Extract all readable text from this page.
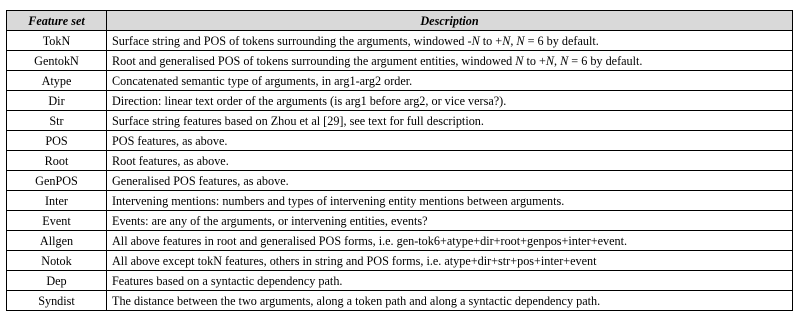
Feature set	Description
TokN	Surface string and POS of tokens surrounding the arguments, windowed -N to +N, N = 6 by default.
GentokN	Root and generalised POS of tokens surrounding the argument entities, windowed N to +N, N = 6 by default.
Atype	Concatenated semantic type of arguments, in arg1-arg2 order.
Dir	Direction: linear text order of the arguments (is arg1 before arg2, or vice versa?).
Str	Surface string features based on Zhou et al [29], see text for full description.
POS	POS features, as above.
Root	Root features, as above.
GenPOS	Generalised POS features, as above.
Inter	Intervening mentions: numbers and types of intervening entity mentions between arguments.
Event	Events: are any of the arguments, or intervening entities, events?
Allgen	All above features in root and generalised POS forms, i.e. gen-tok6+atype+dir+root+genpos+inter+event.
Notok	All above except tokN features, others in string and POS forms, i.e. atype+dir+str+pos+inter+event
Dep	Features based on a syntactic dependency path.
Syndist	The distance between the two arguments, along a token path and along a syntactic dependency path.
